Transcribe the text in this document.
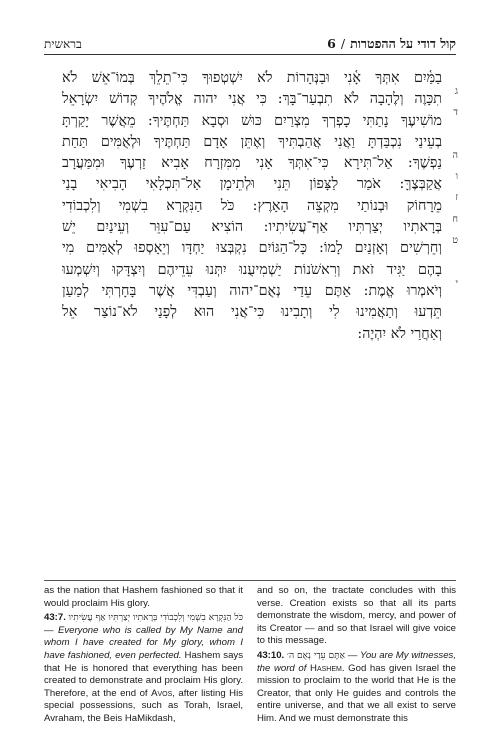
בראשית	קול דודי על ההפטרות
/
6
ג
ד
ה
ו
ז
ח
ט
י
בַמַּ֫יִם אִתְּךָ אָ֫נִי וּבַנְּהָרוֹת לֹא יִשְׁטְפוּךָ כִּי־תֵלֵךְ בְּמוֹ־אֵשׁ לֹא
תִכָּוֶה וְלֶהָבָה לֹא תִבְעַר־בָּךְ: כִּי אֲנִי יהוה אֱלֹהֶיךָ קְדוֹשׁ יִשְׂרָאֵל
מוֹשִׁיעֶךָ נָתַתִּי כָפְרְךָ מִצְרַיִם כּוּשׁ וּסְבָא תַּחְתֶּיךָ: מֵאֲשֶׁר יָקַרְתָּ
בְעֵינַי נִכְבַּדְתָּ וַאֲנִי אֲהַבְתִּיךָ וְאֶתֵּן אָדָם תַּחְתֶּיךָ וּלְאֻמִּים תַּחַת
נַפְשֶׁךָ: אַל־תִּירָא כִּי־אִתְּךָ אָנִי מִמִּזְרָח אָבִיא זַרְעֶךָ וּמִמַּעֲרָב
אֲקַבְּצֶךָּ: אֹמַר לַצָּפוֹן תֵּנִי וּלְתֵימָן אַל־תִּכְלָאִי הָבִיאִי בָנַי
מֵרָחוֹק וּבְנוֹתַי מִקְצֵה הָאָרֶץ: כֹּל הַנִּקְרָא בִשְׁמִי וְלִכְבוֹדִי
בְּרָאתִיו יְצַרְתִּיו אַף־עֲשִׂיתִיו: הוֹצִיא עַם־עִוֵּר וְעֵינַיִם יֵשׁ
וְחֵרְשִׁים וְאָזְנַיִם לָמוֹ: כָּל־הַגּוֹיִם נִקְבְּצוּ יַחְדָּו וְיֵאָסְפוּ לְאֻמִּים מִי
בָהֶם יַגִּיד זֹאת וְרִאשֹׁנוֹת יַשְׁמִיעֻנוּ יִתְּנוּ עֵדֵיהֶם וְיִצְדָּקוּ וְיִשְׁמְעוּ
וְיֹאמְרוּ אֱמֶת: אַתֶּם עֵדַי נְאֻם־יהוה וְעַבְדִּי אֲשֶׁר בָּחָרְתִּי לְמַעַן
תֵּדְעוּ וְתַאֲמִינוּ לִי וְתָבִינוּ כִּי־אֲנִי הוּא לְפָנַי לֹא־נוֹצַר אֵל
וְאַחֲרַי לֹא יִהְיֶה:

as the nation that Hashem fashioned so that it would proclaim His glory.

43:7. כֹּל הַנִּקְרָא בִשְׁמִי וְלִכְבוֹדִי בְּרָאתִיו יְצַרְתִּיו אַף עֲשִׂיתִיו — Everyone who is called by My Name and whom I have created for My glory, whom I have fashioned, even perfected. Hashem says that He is honored that everything has been created to demonstrate and proclaim His glory. Therefore, at the end of Avos, after listing His special possessions, such as Torah, Israel, Avraham, the Beis HaMikdash,

and so on, the tractate concludes with this verse. Creation exists so that all its parts demonstrate the wisdom, mercy, and power of its Creator — and so that Israel will give voice to this message.

43:10. אַתֶּם עֵדַי נְאֻם ה׳ — You are My witnesses, the word of Hashem. God has given Israel the mission to proclaim to the world that He is the Creator, that only He guides and controls the entire universe, and that we all exist to serve Him. And we must demonstrate this
